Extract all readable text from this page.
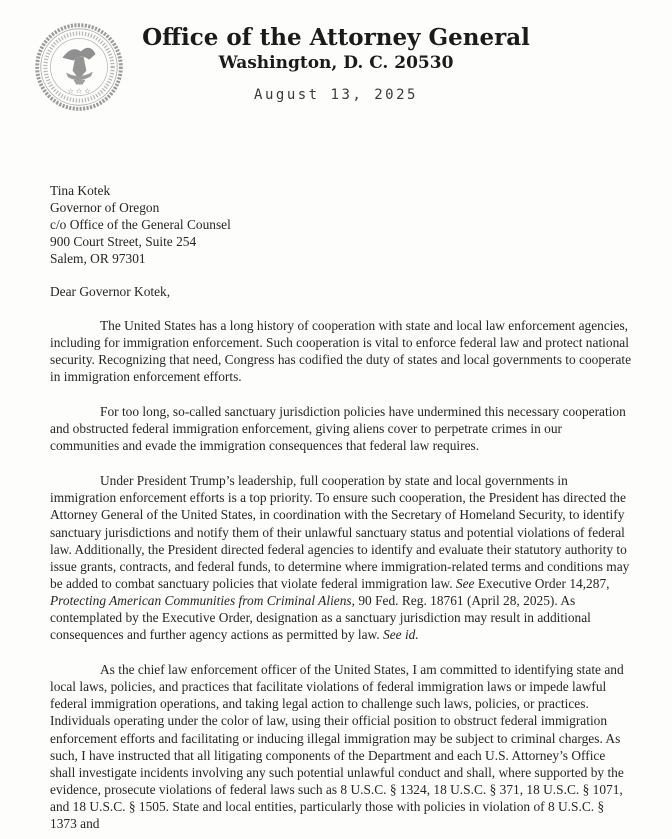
☆ ☆ ☆
Office of the Attorney General
Washington, D. C. 20530
August 13, 2025
Tina Kotek
Governor of Oregon
c/o Office of the General Counsel
900 Court Street, Suite 254
Salem, OR 97301

Dear Governor Kotek,

The United States has a long history of cooperation with state and local law enforcement agencies, including for immigration enforcement. Such cooperation is vital to enforce federal law and protect national security. Recognizing that need, Congress has codified the duty of states and local governments to cooperate in immigration enforcement efforts.

For too long, so-called sanctuary jurisdiction policies have undermined this necessary cooperation and obstructed federal immigration enforcement, giving aliens cover to perpetrate crimes in our communities and evade the immigration consequences that federal law requires.

Under President Trump’s leadership, full cooperation by state and local governments in immigration enforcement efforts is a top priority. To ensure such cooperation, the President has directed the Attorney General of the United States, in coordination with the Secretary of Homeland Security, to identify sanctuary jurisdictions and notify them of their unlawful sanctuary status and potential violations of federal law. Additionally, the President directed federal agencies to identify and evaluate their statutory authority to issue grants, contracts, and federal funds, to determine where immigration-related terms and conditions may be added to combat sanctuary policies that violate federal immigration law. See Executive Order 14,287, Protecting American Communities from Criminal Aliens, 90 Fed. Reg. 18761 (April 28, 2025). As contemplated by the Executive Order, designation as a sanctuary jurisdiction may result in additional consequences and further agency actions as permitted by law. See id.

As the chief law enforcement officer of the United States, I am committed to identifying state and local laws, policies, and practices that facilitate violations of federal immigration laws or impede lawful federal immigration operations, and taking legal action to challenge such laws, policies, or practices. Individuals operating under the color of law, using their official position to obstruct federal immigration enforcement efforts and facilitating or inducing illegal immigration may be subject to criminal charges. As such, I have instructed that all litigating components of the Department and each U.S. Attorney’s Office shall investigate incidents involving any such potential unlawful conduct and shall, where supported by the evidence, prosecute violations of federal laws such as 8 U.S.C. § 1324, 18 U.S.C. § 371, 18 U.S.C. § 1071, and 18 U.S.C. § 1505. State and local entities, particularly those with policies in violation of 8 U.S.C. § 1373 and
